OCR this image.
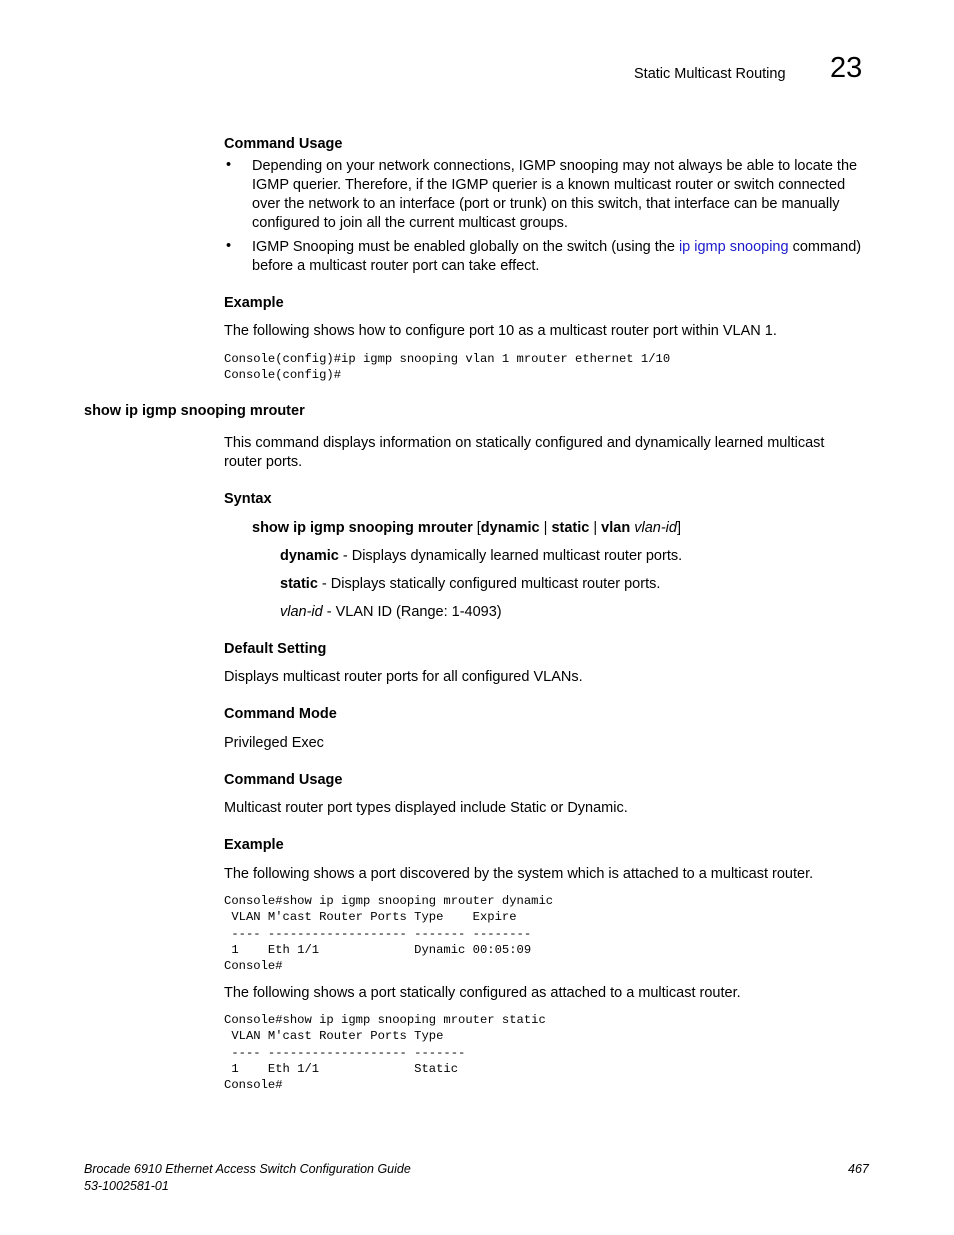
Static Multicast Routing 23
Command Usage
• Depending on your network connections, IGMP snooping may not always be able to locate the IGMP querier. Therefore, if the IGMP querier is a known multicast router or switch connected over the network to an interface (port or trunk) on this switch, that interface can be manually configured to join all the current multicast groups.
• IGMP Snooping must be enabled globally on the switch (using the ip igmp snooping command) before a multicast router port can take effect.
Example
The following shows how to configure port 10 as a multicast router port within VLAN 1.
Console(config)#ip igmp snooping vlan 1 mrouter ethernet 1/10
Console(config)#
show ip igmp snooping mrouter
This command displays information on statically configured and dynamically learned multicast router ports.
Syntax
show ip igmp snooping mrouter [dynamic | static | vlan vlan-id]
dynamic - Displays dynamically learned multicast router ports.
static - Displays statically configured multicast router ports.
vlan-id - VLAN ID (Range: 1-4093)
Default Setting
Displays multicast router ports for all configured VLANs.
Command Mode
Privileged Exec
Command Usage
Multicast router port types displayed include Static or Dynamic.
Example
The following shows a port discovered by the system which is attached to a multicast router.
Console#show ip igmp snooping mrouter dynamic
VLAN M'cast Router Ports Type    Expire
---- ------------------- ------- --------
1    Eth 1/1             Dynamic 00:05:09
Console#
The following shows a port statically configured as attached to a multicast router.
Console#show ip igmp snooping mrouter static
VLAN M'cast Router Ports Type
---- ------------------- -------
1    Eth 1/1             Static
Console#
Brocade 6910 Ethernet Access Switch Configuration Guide
53-1002581-01
467
